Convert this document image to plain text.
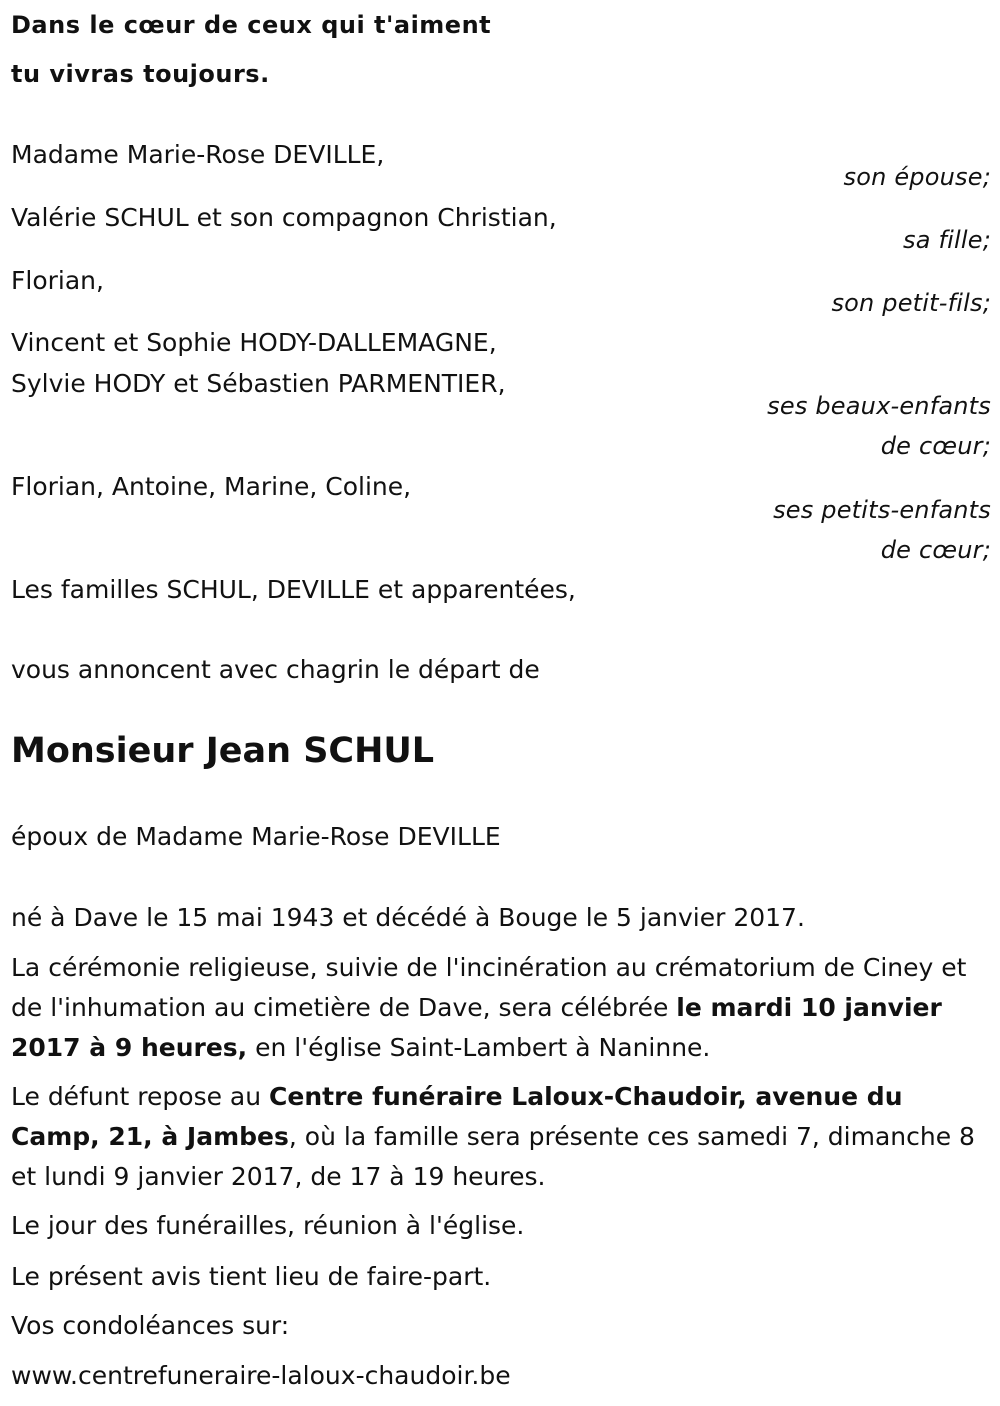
Dans le cœur de ceux qui t'aiment
tu vivras toujours.
Madame Marie-Rose DEVILLE,
son épouse;
Valérie SCHUL et son compagnon Christian,
sa fille;
Florian,
son petit-fils;
Vincent et Sophie HODY-DALLEMAGNE,
Sylvie HODY et Sébastien PARMENTIER,
ses beaux-enfants
de cœur;
Florian, Antoine, Marine, Coline,
ses petits-enfants
de cœur;
Les familles SCHUL, DEVILLE et apparentées,
vous annoncent avec chagrin le départ de
Monsieur Jean SCHUL
époux de Madame Marie-Rose DEVILLE
né à Dave le 15 mai 1943 et décédé à Bouge le 5 janvier 2017.
La cérémonie religieuse, suivie de l'incinération au crématorium de Ciney et de l'inhumation au cimetière de Dave, sera célébrée le mardi 10 janvier 2017 à 9 heures, en l'église Saint-Lambert à Naninne.
Le défunt repose au Centre funéraire Laloux-Chaudoir, avenue du Camp, 21, à Jambes, où la famille sera présente ces samedi 7, dimanche 8 et lundi 9 janvier 2017, de 17 à 19 heures.
Le jour des funérailles, réunion à l'église.
Le présent avis tient lieu de faire-part.
Vos condoléances sur:
www.centrefuneraire-laloux-chaudoir.be
